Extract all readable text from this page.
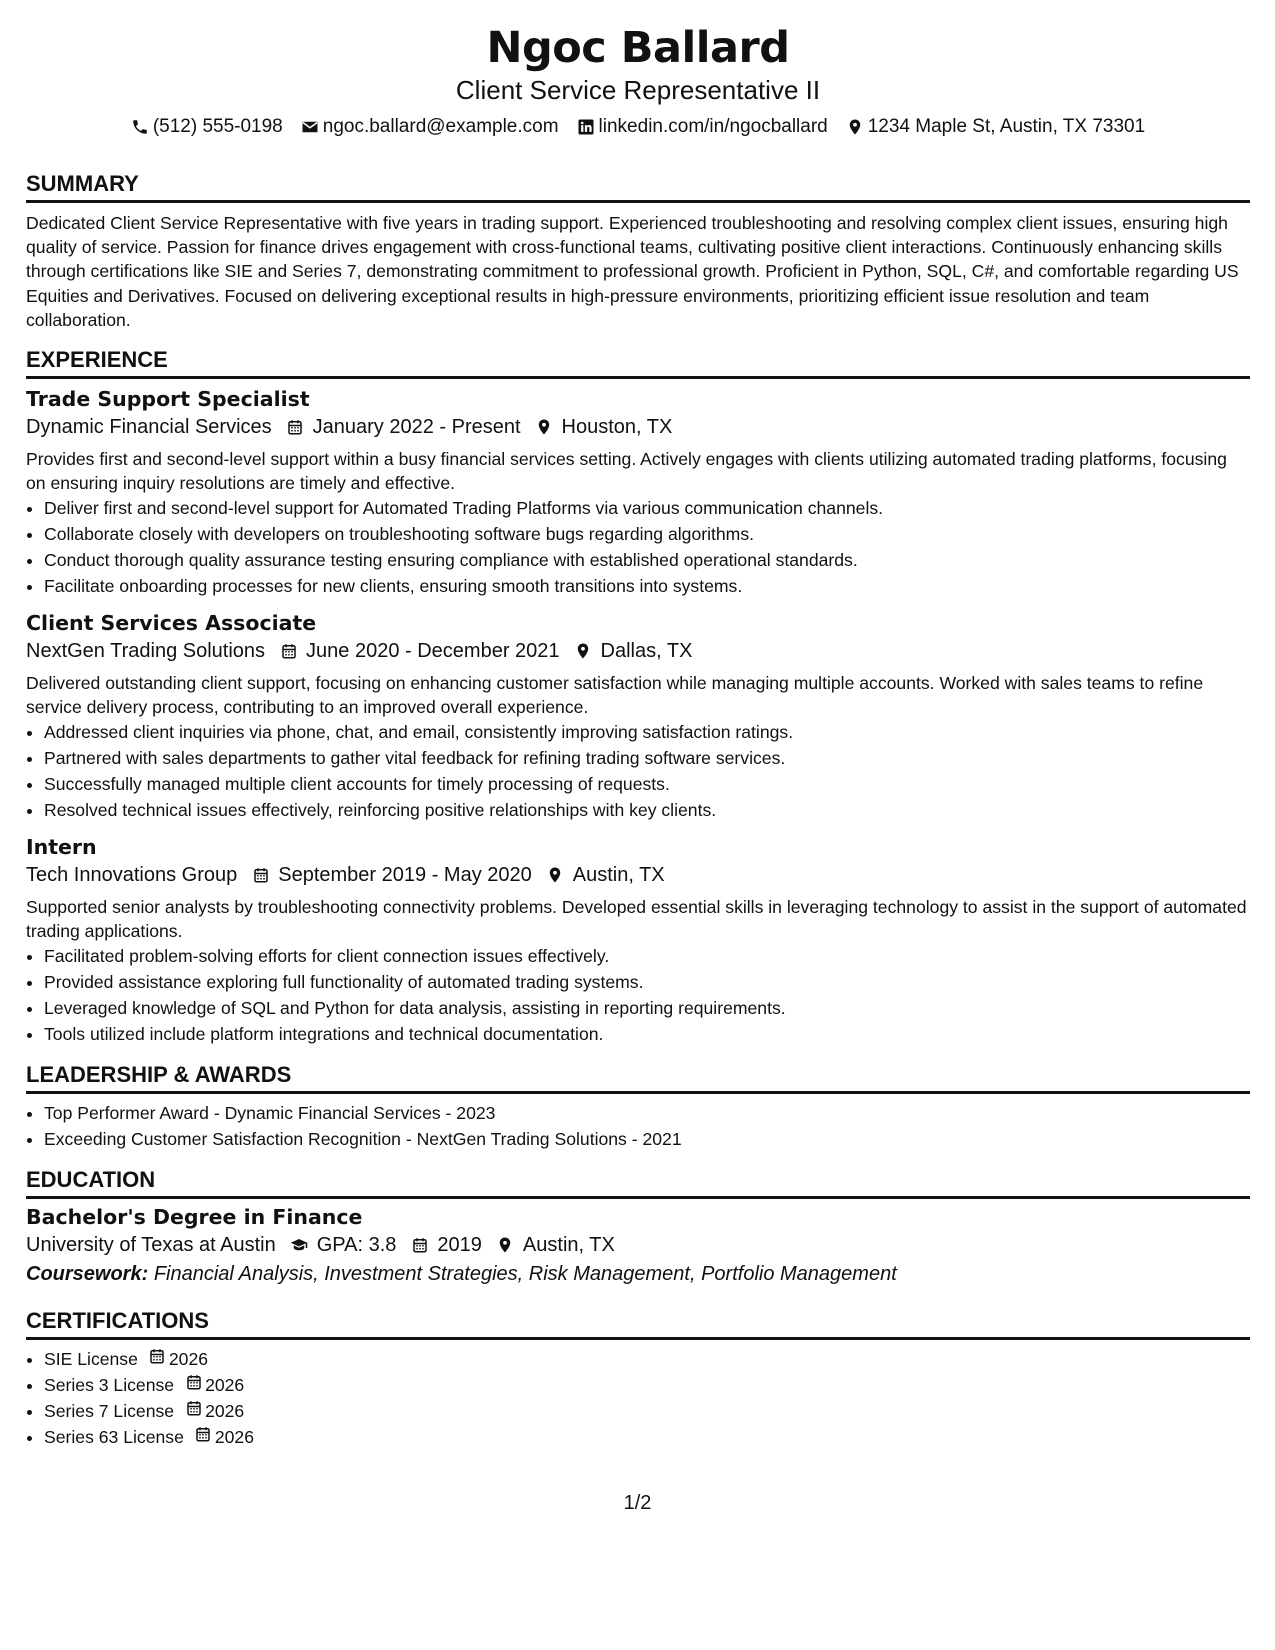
Ngoc Ballard
Client Service Representative II
(512) 555-0198 ngoc.ballard@example.com linkedin.com/in/ngocballard 1234 Maple St, Austin, TX 73301
SUMMARY
Dedicated Client Service Representative with five years in trading support. Experienced troubleshooting and resolving complex client issues, ensuring high quality of service. Passion for finance drives engagement with cross-functional teams, cultivating positive client interactions. Continuously enhancing skills through certifications like SIE and Series 7, demonstrating commitment to professional growth. Proficient in Python, SQL, C#, and comfortable regarding US Equities and Derivatives. Focused on delivering exceptional results in high-pressure environments, prioritizing efficient issue resolution and team collaboration.
EXPERIENCE
Trade Support Specialist
Dynamic Financial Services January 2022 - Present Houston, TX
Provides first and second-level support within a busy financial services setting. Actively engages with clients utilizing automated trading platforms, focusing on ensuring inquiry resolutions are timely and effective.
• Deliver first and second-level support for Automated Trading Platforms via various communication channels.
• Collaborate closely with developers on troubleshooting software bugs regarding algorithms.
• Conduct thorough quality assurance testing ensuring compliance with established operational standards.
• Facilitate onboarding processes for new clients, ensuring smooth transitions into systems.
Client Services Associate
NextGen Trading Solutions June 2020 - December 2021 Dallas, TX
Delivered outstanding client support, focusing on enhancing customer satisfaction while managing multiple accounts. Worked with sales teams to refine service delivery process, contributing to an improved overall experience.
• Addressed client inquiries via phone, chat, and email, consistently improving satisfaction ratings.
• Partnered with sales departments to gather vital feedback for refining trading software services.
• Successfully managed multiple client accounts for timely processing of requests.
• Resolved technical issues effectively, reinforcing positive relationships with key clients.
Intern
Tech Innovations Group September 2019 - May 2020 Austin, TX
Supported senior analysts by troubleshooting connectivity problems. Developed essential skills in leveraging technology to assist in the support of automated trading applications.
• Facilitated problem-solving efforts for client connection issues effectively.
• Provided assistance exploring full functionality of automated trading systems.
• Leveraged knowledge of SQL and Python for data analysis, assisting in reporting requirements.
• Tools utilized include platform integrations and technical documentation.
LEADERSHIP & AWARDS
• Top Performer Award - Dynamic Financial Services - 2023
• Exceeding Customer Satisfaction Recognition - NextGen Trading Solutions - 2021
EDUCATION
Bachelor's Degree in Finance
University of Texas at Austin GPA: 3.8 2019 Austin, TX
Coursework: Financial Analysis, Investment Strategies, Risk Management, Portfolio Management
CERTIFICATIONS
• SIE License 2026
• Series 3 License 2026
• Series 7 License 2026
• Series 63 License 2026
1/2
